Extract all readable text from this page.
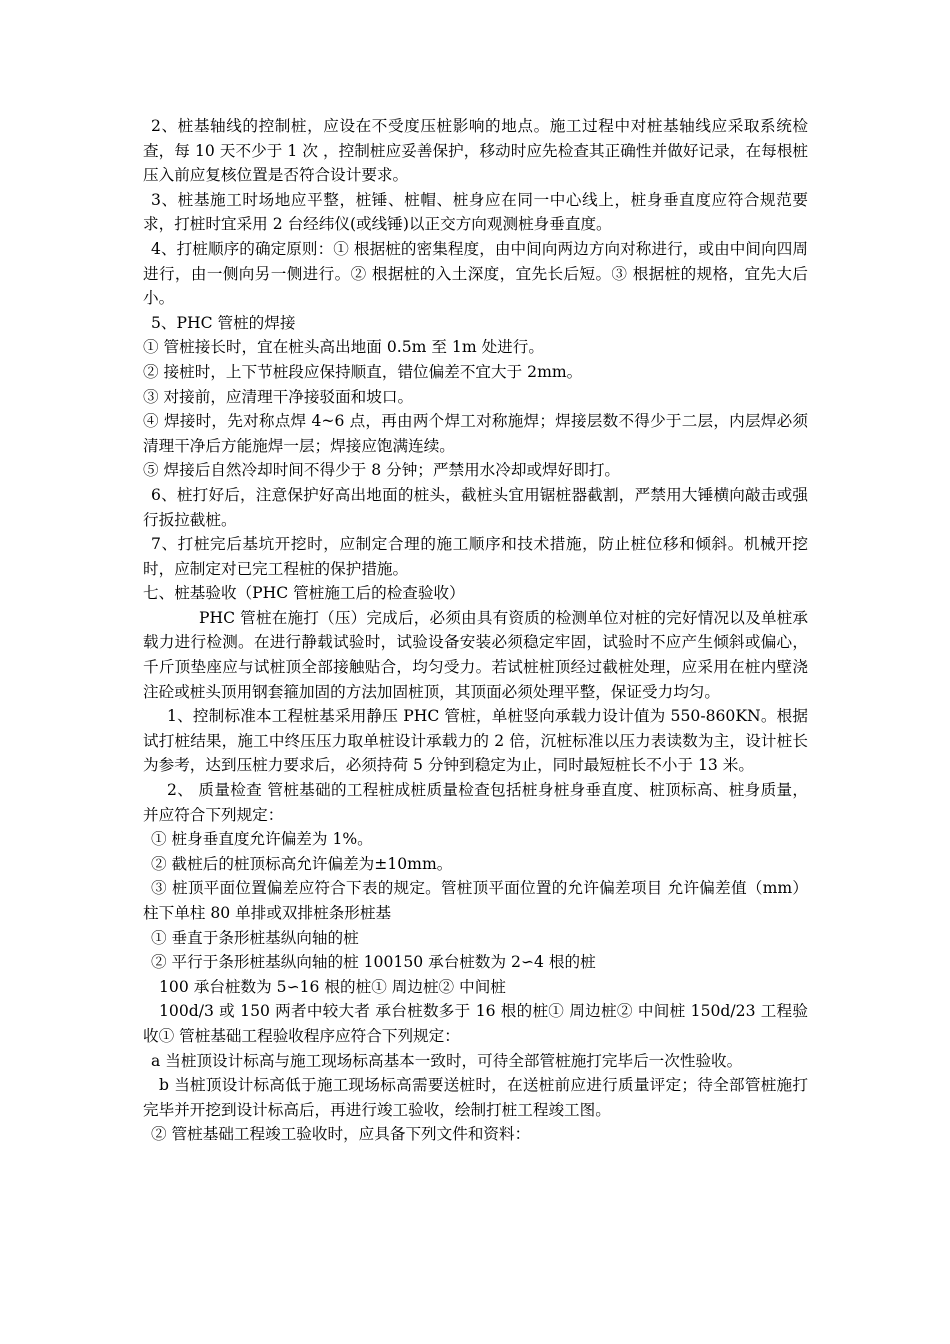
2、桩基轴线的控制桩，应设在不受度压桩影响的地点。施工过程中对桩基轴线应采取系统检查，每 10 天不少于 1 次 ，控制桩应妥善保护，移动时应先检查其正确性并做好记录，在每根桩压入前应复核位置是否符合设计要求。

3、桩基施工时场地应平整，桩锤、桩帽、桩身应在同一中心线上，桩身垂直度应符合规范要求，打桩时宜采用 2 台经纬仪(或线锤)以正交方向观测桩身垂直度。

4、打桩顺序的确定原则：① 根据桩的密集程度，由中间向两边方向对称进行，或由中间向四周进行，由一侧向另一侧进行。② 根据桩的入土深度，宜先长后短。③ 根据桩的规格，宜先大后小。

5、PHC 管桩的焊接

① 管桩接长时，宜在桩头高出地面 0.5m 至 1m 处进行。

② 接桩时，上下节桩段应保持顺直，错位偏差不宜大于 2mm。

③ 对接前，应清理干净接驳面和坡口。

④ 焊接时，先对称点焊 4~6 点，再由两个焊工对称施焊；焊接层数不得少于二层，内层焊必须清理干净后方能施焊一层；焊接应饱满连续。

⑤ 焊接后自然冷却时间不得少于 8 分钟；严禁用水冷却或焊好即打。

6、桩打好后，注意保护好高出地面的桩头，截桩头宜用锯桩器截割，严禁用大锤横向敲击或强行扳拉截桩。

7、打桩完后基坑开挖时，应制定合理的施工顺序和技术措施，防止桩位移和倾斜。机械开挖时，应制定对已完工程桩的保护措施。

七、桩基验收（PHC 管桩施工后的检查验收）

PHC 管桩在施打（压）完成后，必须由具有资质的检测单位对桩的完好情况以及单桩承载力进行检测。在进行静载试验时，试验设备安装必须稳定牢固，试验时不应产生倾斜或偏心，千斤顶垫座应与试桩顶全部接触贴合，均匀受力。若试桩桩顶经过截桩处理，应采用在桩内壁浇注砼或桩头顶用钢套箍加固的方法加固桩顶，其顶面必须处理平整，保证受力均匀。

1、控制标准本工程桩基采用静压 PHC 管桩，单桩竖向承载力设计值为 550-860KN。根据试打桩结果，施工中终压压力取单桩设计承载力的 2 倍，沉桩标准以压力表读数为主，设计桩长为参考，达到压桩力要求后，必须持荷 5 分钟到稳定为止，同时最短桩长不小于 13 米。

2、 质量检查 管桩基础的工程桩成桩质量检查包括桩身桩身垂直度、桩顶标高、桩身质量，并应符合下列规定：

① 桩身垂直度允许偏差为 1%。

② 截桩后的桩顶标高允许偏差为±10mm。

③ 桩顶平面位置偏差应符合下表的规定。管桩顶平面位置的允许偏差项目 允许偏差值（mm）柱下单柱 80 单排或双排桩条形桩基

① 垂直于条形桩基纵向轴的桩

② 平行于条形桩基纵向轴的桩 100150 承台桩数为 2∽4 根的桩

100 承台桩数为 5∽16 根的桩① 周边桩② 中间桩

100d/3 或 150 两者中较大者 承台桩数多于 16 根的桩① 周边桩② 中间桩 150d/23 工程验收① 管桩基础工程验收程序应符合下列规定：

a 当桩顶设计标高与施工现场标高基本一致时，可待全部管桩施打完毕后一次性验收。

b 当桩顶设计标高低于施工现场标高需要送桩时，在送桩前应进行质量评定；待全部管桩施打完毕并开挖到设计标高后，再进行竣工验收，绘制打桩工程竣工图。

② 管桩基础工程竣工验收时，应具备下列文件和资料：
